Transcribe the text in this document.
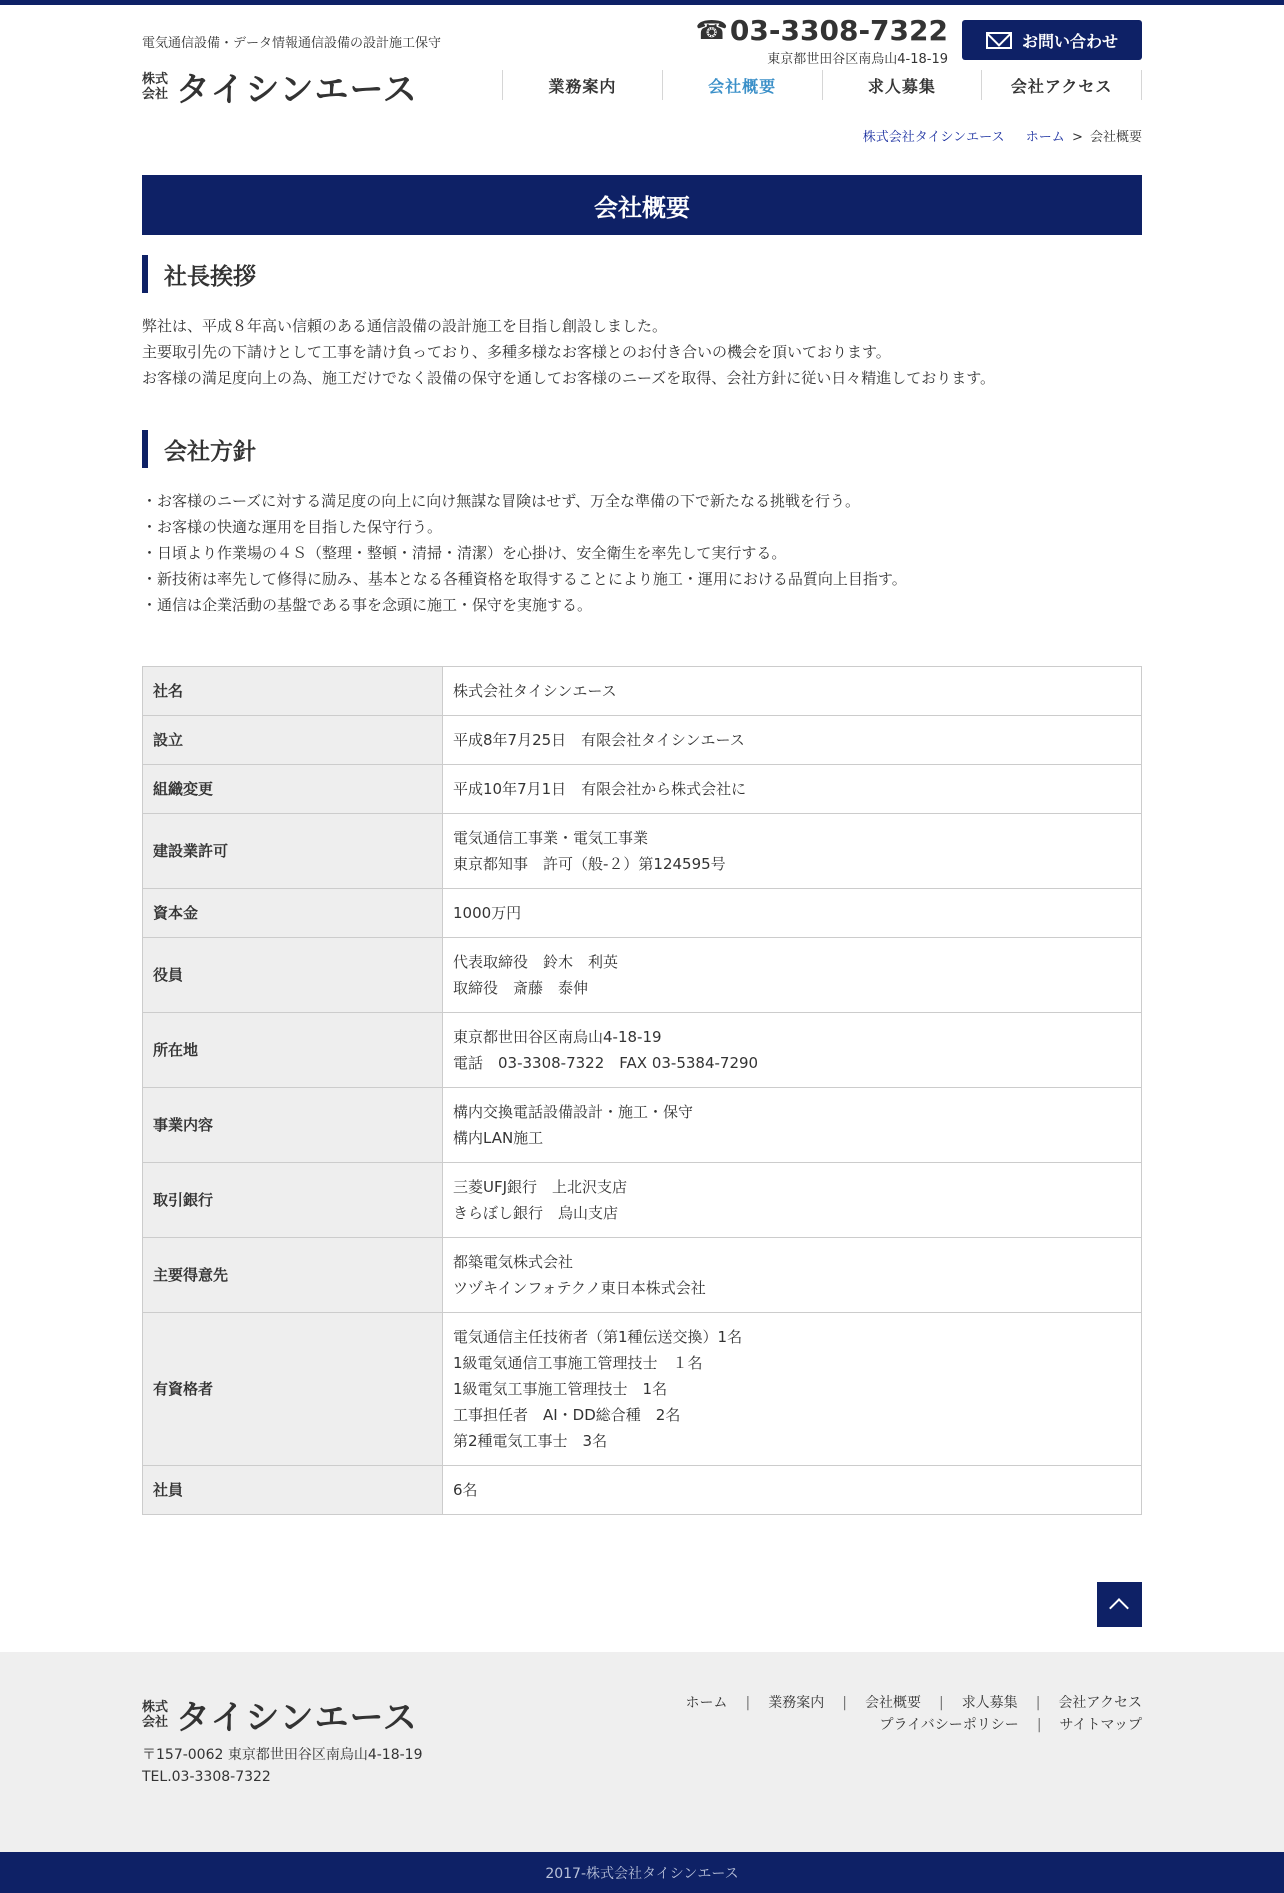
電気通信設備・データ情報通信設備の設計施工保守
株式
会社 タイシンエース
☎ 03-3308-7322
東京都世田谷区南烏山4-18-19
お問い合わせ
業務案内	会社概要	求人募集	会社アクセス
株式会社タイシンエース 　 ホーム > 会社概要
会社概要
社長挨拶
弊社は、平成８年高い信頼のある通信設備の設計施工を目指し創設しました。
主要取引先の下請けとして工事を請け負っており、多種多様なお客様とのお付き合いの機会を頂いております。
お客様の満足度向上の為、施工だけでなく設備の保守を通してお客様のニーズを取得、会社方針に従い日々精進しております。
会社方針
・お客様のニーズに対する満足度の向上に向け無謀な冒険はせず、万全な準備の下で新たなる挑戦を行う。
・お客様の快適な運用を目指した保守行う。
・日頃より作業場の４Ｓ（整理・整頓・清掃・清潔）を心掛け、安全衛生を率先して実行する。
・新技術は率先して修得に励み、基本となる各種資格を取得することにより施工・運用における品質向上目指す。
・通信は企業活動の基盤である事を念頭に施工・保守を実施する。
社名	株式会社タイシンエース

設立	平成8年7月25日　有限会社タイシンエース

組織変更	平成10年7月1日　有限会社から株式会社に

建設業許可	電気通信工事業・電気工事業
東京都知事　許可（般-２）第124595号

資本金	1000万円

役員	代表取締役　鈴木　利英
取締役　斎藤　泰伸

所在地	東京都世田谷区南烏山4-18-19
電話　03-3308-7322　FAX 03-5384-7290

事業内容	構内交換電話設備設計・施工・保守
構内LAN施工

取引銀行	三菱UFJ銀行　上北沢支店
きらぼし銀行　烏山支店

主要得意先	都築電気株式会社
ツヅキインフォテクノ東日本株式会社

有資格者	電気通信主任技術者（第1種伝送交換）1名
1級電気通信工事施工管理技士　１名
1級電気工事施工管理技士　1名
工事担任者　AI・DD総合種　2名
第2種電気工事士　3名

社員	6名
株式
会社 タイシンエース
〒157-0062 東京都世田谷区南烏山4-18-19
TEL.03-3308-7322
ホーム | 業務案内 | 会社概要 | 求人募集 | 会社アクセス
プライバシーポリシー | サイトマップ
2017-株式会社タイシンエース
